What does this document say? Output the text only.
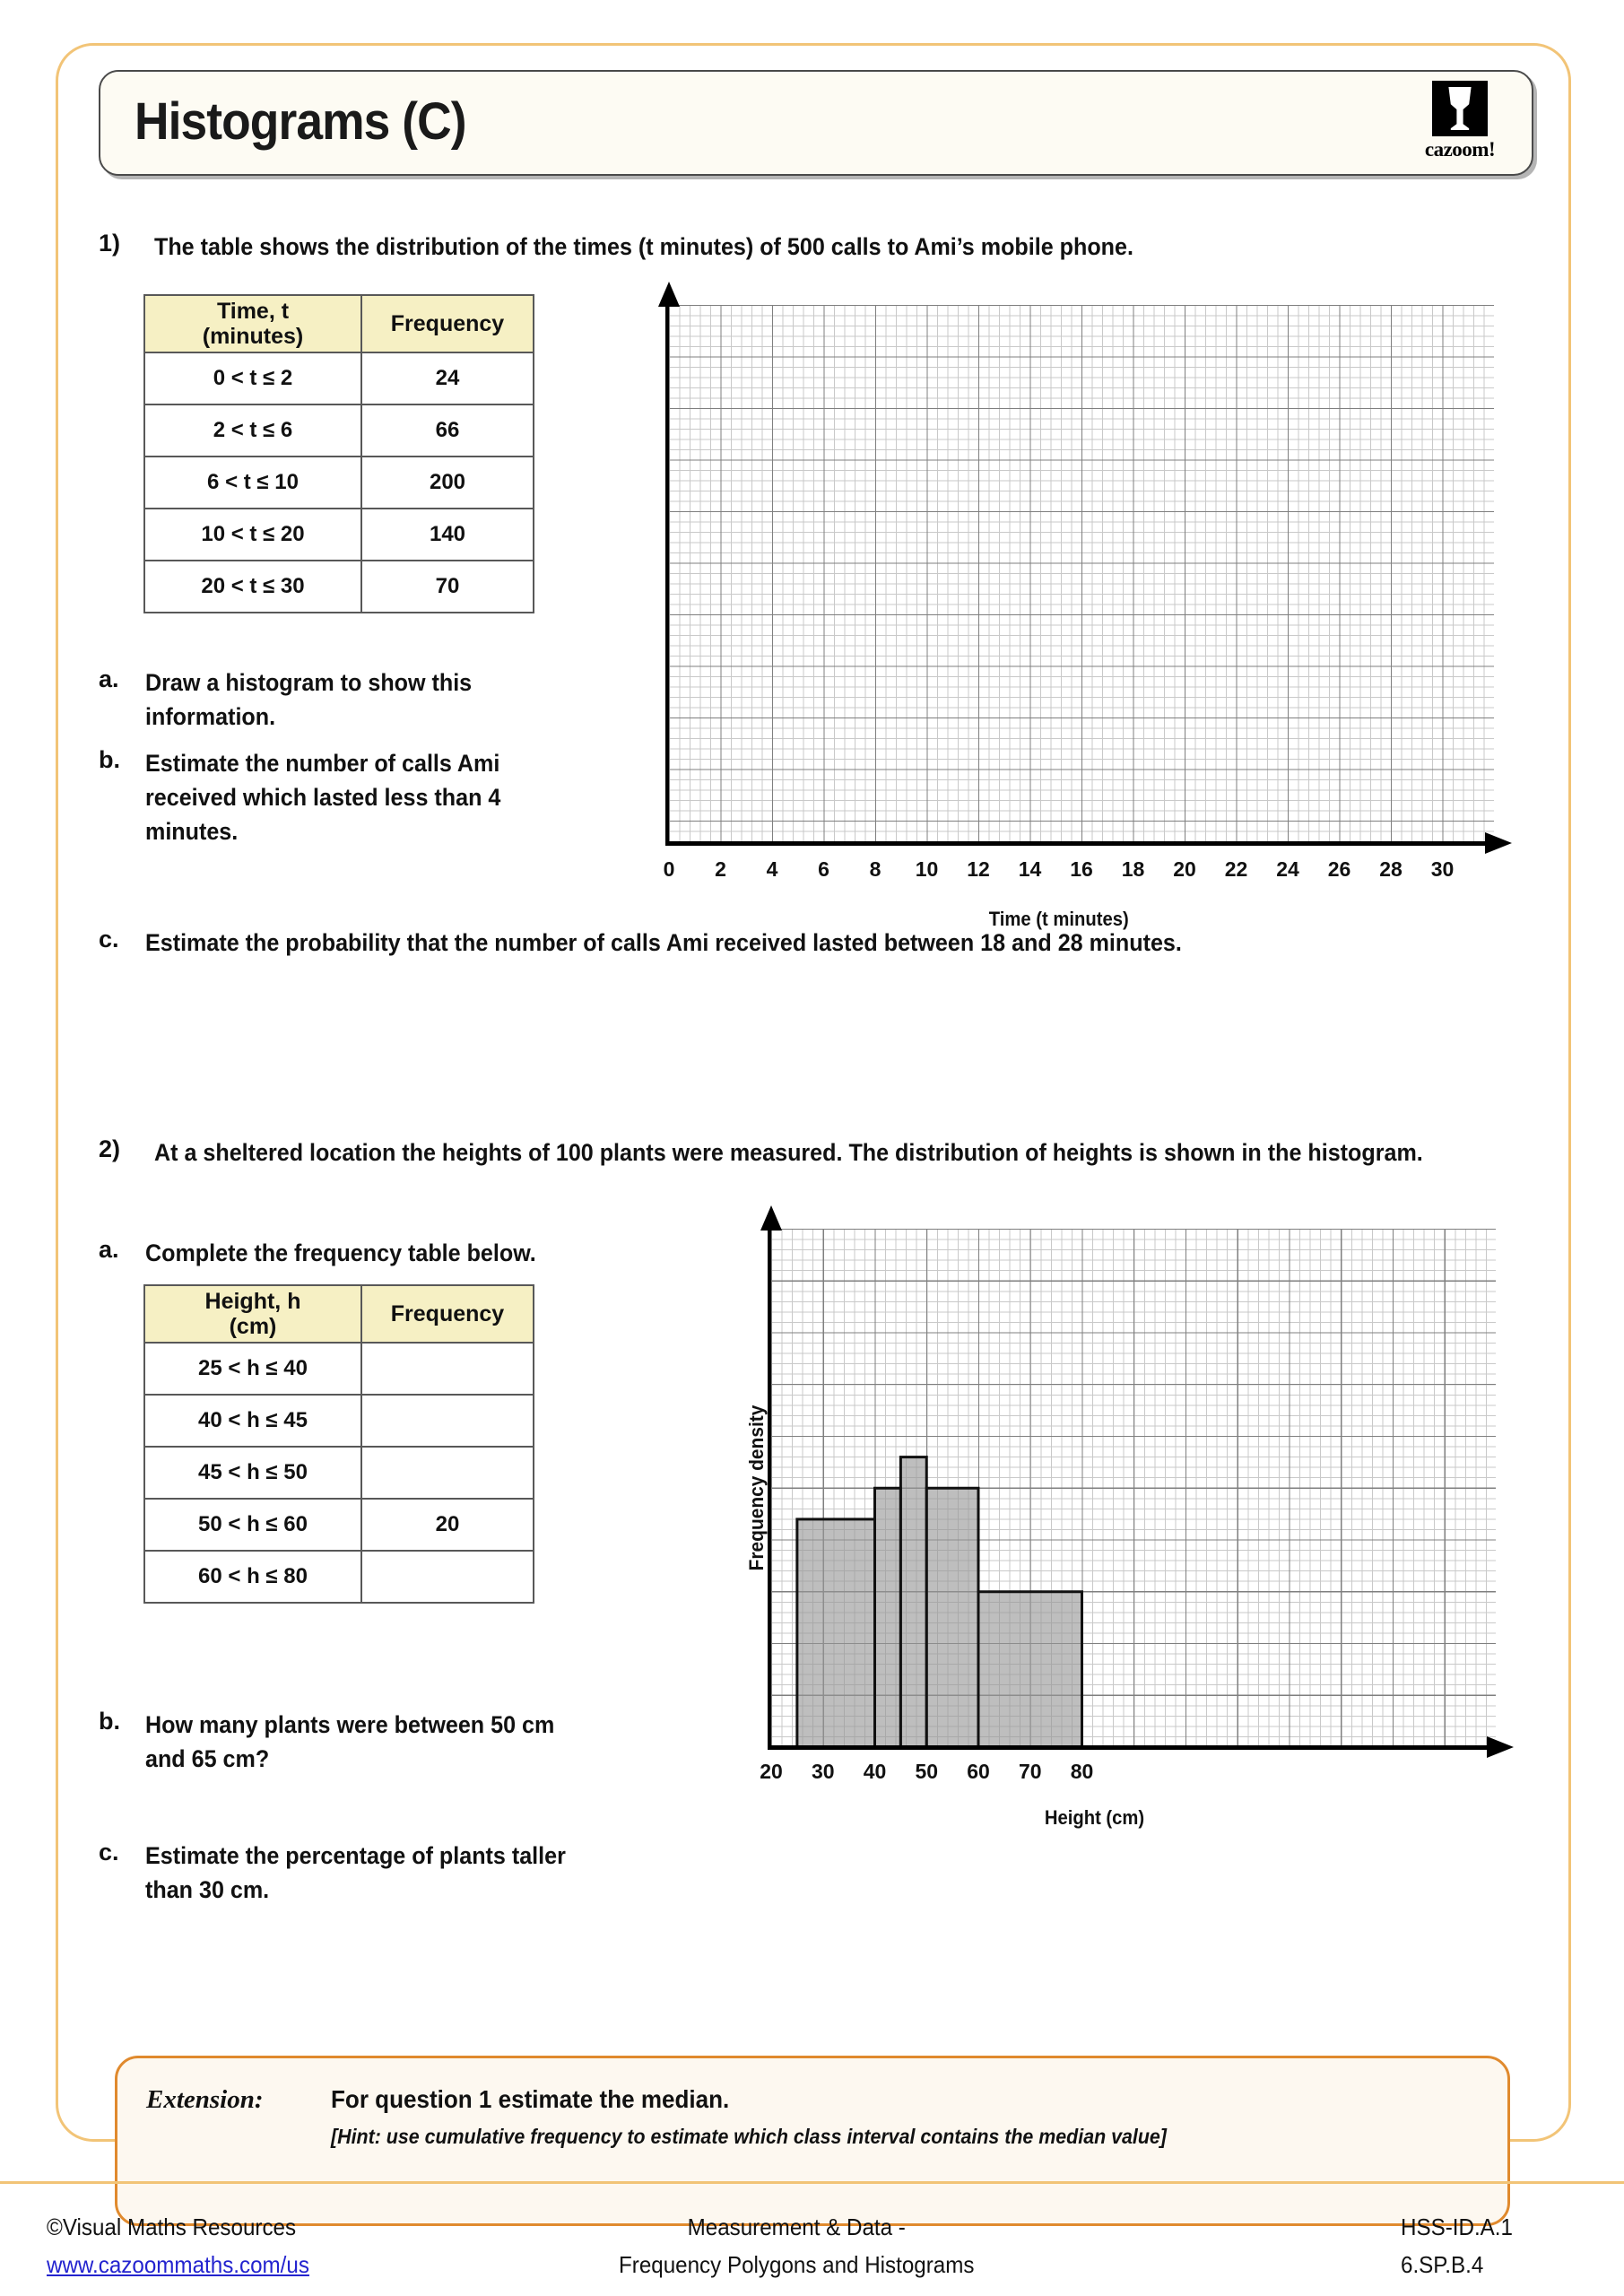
Histograms (C)	cazoom!
1) The table shows the distribution of the times (t minutes) of 500 calls to Ami’s mobile phone.
Time, t
(minutes)	Frequency
0 < t ≤ 2	24
2 < t ≤ 6	66
6 < t ≤ 10	200
10 < t ≤ 20	140
20 < t ≤ 30	70
a. Draw a histogram to show this information.
b. Estimate the number of calls Ami received which lasted less than 4 minutes.
c. Estimate the probability that the number of calls Ami received lasted between 18 and 28 minutes.
0	2	4	6	8	10	12	14	16	18	20	22	24	26	28	30
Time (t minutes)
2) At a sheltered location the heights of 100 plants were measured. The distribution of heights is shown in the histogram.
a. Complete the frequency table below.
Height, h
(cm)	Frequency
25 < h ≤ 40	
40 < h ≤ 45	
45 < h ≤ 50	
50 < h ≤ 60	20
60 < h ≤ 80	
b. How many plants were between 50 cm and 65 cm?
c. Estimate the percentage of plants taller than 30 cm.
Frequency density
20	30	40	50	60	70	80
Height (cm)
Extension:	For question 1 estimate the median.
[Hint: use cumulative frequency to estimate which class interval contains the median value]
©Visual Maths Resources
www.cazoommaths.com/us
Measurement & Data -
Frequency Polygons and Histograms
HSS-ID.A.1
6.SP.B.4
